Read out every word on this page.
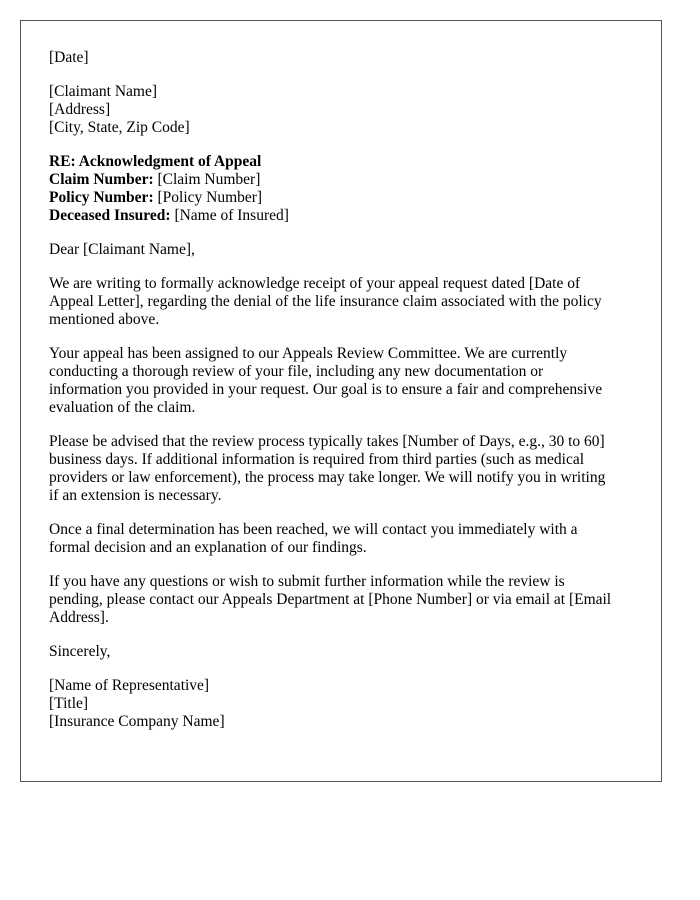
[Date]
[Claimant Name]
[Address]
[City, State, Zip Code]
RE: Acknowledgment of Appeal
Claim Number: [Claim Number]
Policy Number: [Policy Number]
Deceased Insured: [Name of Insured]
Dear [Claimant Name],
We are writing to formally acknowledge receipt of your appeal request dated [Date of
Appeal Letter], regarding the denial of the life insurance claim associated with the policy
mentioned above.
Your appeal has been assigned to our Appeals Review Committee. We are currently
conducting a thorough review of your file, including any new documentation or
information you provided in your request. Our goal is to ensure a fair and comprehensive
evaluation of the claim.
Please be advised that the review process typically takes [Number of Days, e.g., 30 to 60]
business days. If additional information is required from third parties (such as medical
providers or law enforcement), the process may take longer. We will notify you in writing
if an extension is necessary.
Once a final determination has been reached, we will contact you immediately with a
formal decision and an explanation of our findings.
If you have any questions or wish to submit further information while the review is
pending, please contact our Appeals Department at [Phone Number] or via email at [Email
Address].
Sincerely,
[Name of Representative]
[Title]
[Insurance Company Name]
